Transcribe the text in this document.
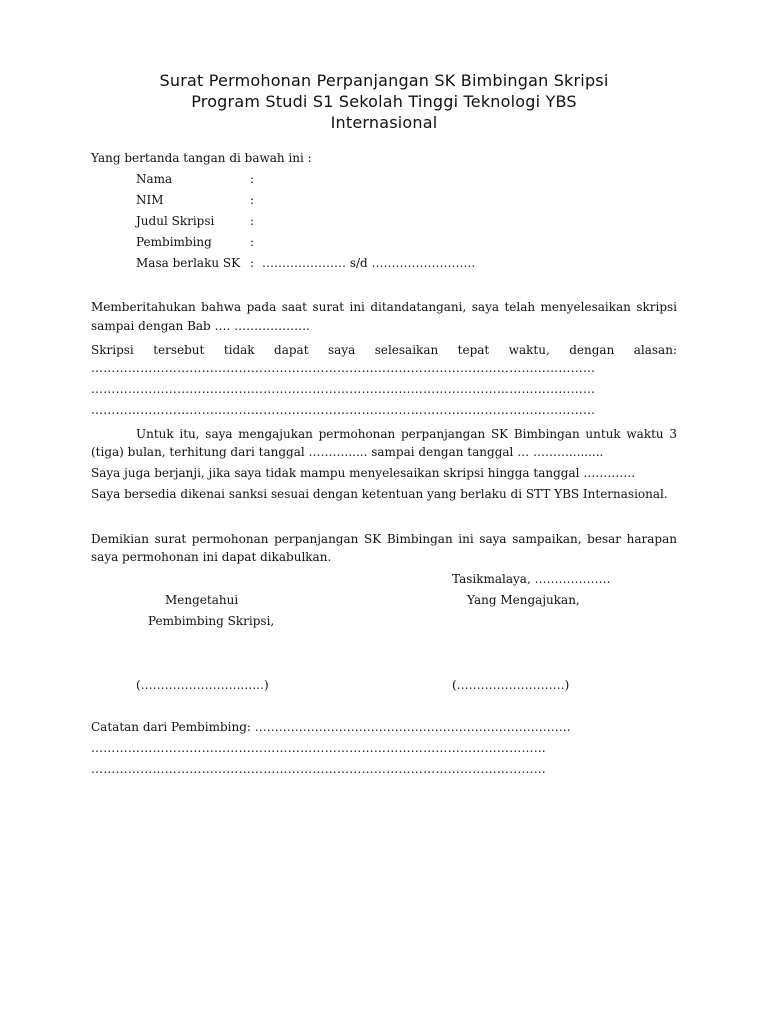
Surat Permohonan Perpanjangan SK Bimbingan Skripsi
Program Studi S1 Sekolah Tinggi Teknologi YBS
Internasional
Yang bertanda tangan di bawah ini :
Nama	:
NIM	:
Judul Skripsi	:
Pembimbing	:
Masa berlaku SK : ………………… s/d ……………………..
Memberitahukan bahwa pada saat surat ini ditandatangani, saya telah menyelesaikan skripsi
sampai dengan Bab …. ……………….
Skripsi tersebut tidak dapat saya selesaikan tepat waktu, dengan alasan:
……………………………………………………………………………………………………………
……………………………………………………………………………………………………………
……………………………………………………………………………………………………………
Untuk itu, saya mengajukan permohonan perpanjangan SK Bimbingan untuk waktu 3
(tiga) bulan, terhitung dari tanggal ………...... sampai dengan tanggal … ……….........
Saya juga berjanji, jika saya tidak mampu menyelesaikan skripsi hingga tanggal ………….
Saya bersedia dikenai sanksi sesuai dengan ketentuan yang berlaku di STT YBS Internasional.
Demikian surat permohonan perpanjangan SK Bimbingan ini saya sampaikan, besar harapan
saya permohonan ini dapat dikabulkan.
Tasikmalaya, ……………….
Mengetahui	Yang Mengajukan,
Pembimbing Skripsi,
(……………………..…..)	(………………………)
Catatan dari Pembimbing: …………………………………………………………………….
…………………………………………………………………………………………………
…………………………………………………………………………………………………
